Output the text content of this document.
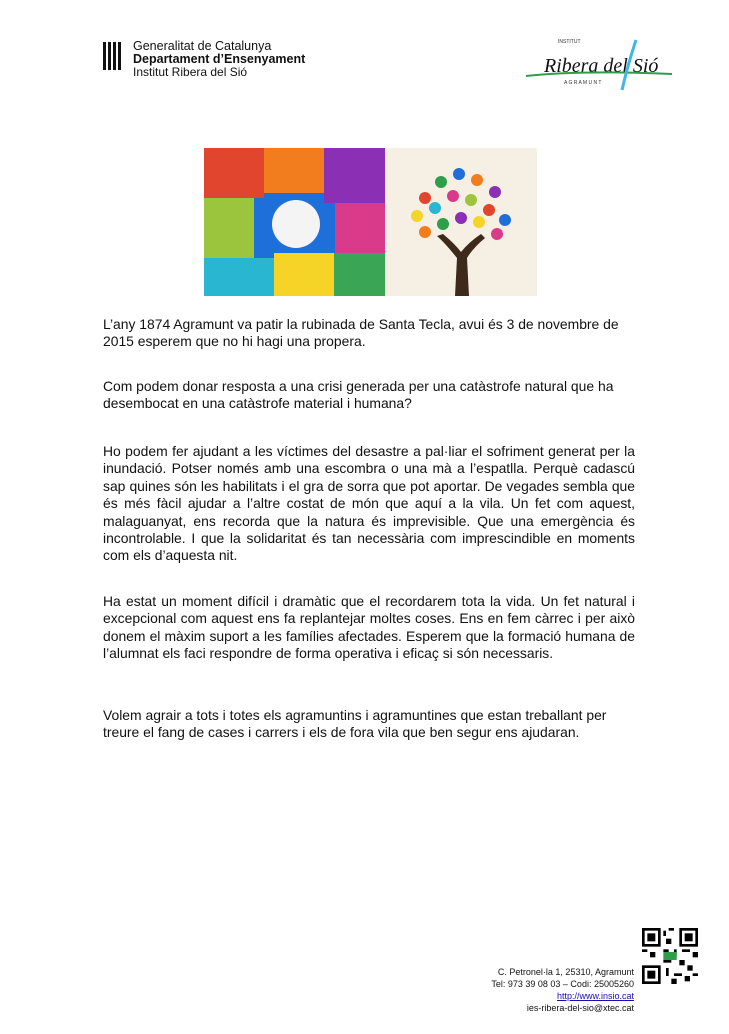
Generalitat de Catalunya
Departament d’Ensenyament
Institut Ribera del Sió
INSTITUT
Ribera del Sió
A G R A M U N T
L’any 1874 Agramunt va patir la rubinada de Santa Tecla, avui és 3 de novembre de 2015 esperem que no hi hagi una propera.
Com podem donar resposta a una crisi generada per una catàstrofe natural que ha desembocat en una catàstrofe material i humana?
Ho podem fer ajudant a les víctimes del desastre a pal·liar el sofriment generat per la inundació. Potser només amb una escombra o una mà a l’espatlla. Perquè cadascú sap quines són les habilitats i el gra de sorra que pot aportar. De vegades sembla que és més fàcil ajudar a l’altre costat de món que aquí a la vila. Un fet com aquest, malaguanyat, ens recorda que la natura és imprevisible. Que una emergència és incontrolable. I que la solidaritat és tan necessària com imprescindible en moments com els d’aquesta nit.
Ha estat un moment difícil i dramàtic que el recordarem tota la vida. Un fet natural i excepcional com aquest ens fa replantejar moltes coses. Ens en fem càrrec i per això donem el màxim suport a les famílies afectades. Esperem que la formació humana de l’alumnat els faci respondre de forma operativa i eficaç si són necessaris.
Volem agrair a tots i totes els agramuntins i agramuntines que estan treballant per treure el fang de cases i carrers i els de fora vila que ben segur ens ajudaran.
C. Petronel·la 1, 25310, Agramunt
Tel: 973 39 08 03 – Codi: 25005260
http://www.insio.cat
ies-ribera-del-sio@xtec.cat
